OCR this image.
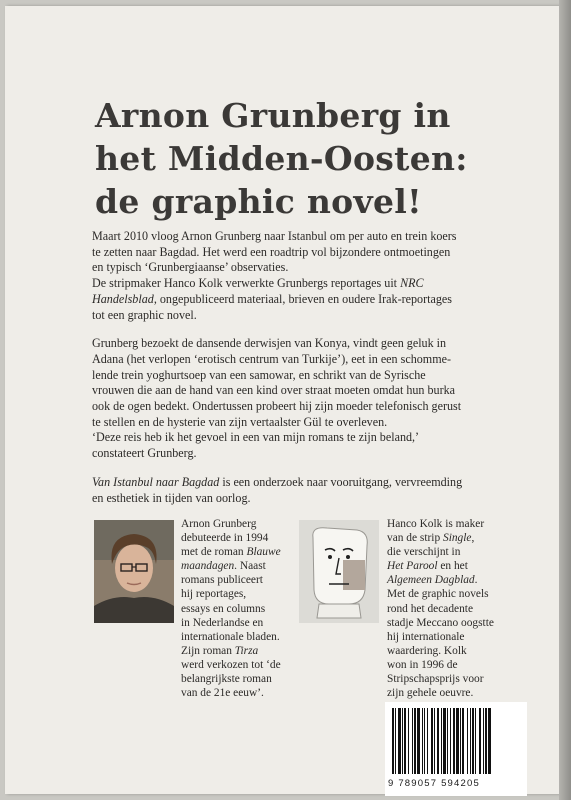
Arnon Grunberg in
het Midden-Oosten:
de graphic novel!

Maart 2010 vloog Arnon Grunberg naar Istanbul om per auto en trein koers
te zetten naar Bagdad. Het werd een roadtrip vol bijzondere ontmoetingen
en typisch ‘Grunbergiaanse’ observaties.
De stripmaker Hanco Kolk verwerkte Grunbergs reportages uit NRC
Handelsblad, ongepubliceerd materiaal, brieven en oudere Irak-reportages
tot een graphic novel.

Grunberg bezoekt de dansende derwisjen van Konya, vindt geen geluk in
Adana (het verlopen ‘erotisch centrum van Turkije’), eet in een schomme-
lende trein yoghurtsoep van een samowar, en schrikt van de Syrische
vrouwen die aan de hand van een kind over straat moeten omdat hun burka
ook de ogen bedekt. Ondertussen probeert hij zijn moeder telefonisch gerust
te stellen en de hysterie van zijn vertaalster Gül te overleven.
‘Deze reis heb ik het gevoel in een van mijn romans te zijn beland,’
constateert Grunberg.

Van Istanbul naar Bagdad is een onderzoek naar vooruitgang, vervreemding
en esthetiek in tijden van oorlog.

Arnon Grunberg
debuteerde in 1994
met de roman Blauwe
maandagen. Naast
romans publiceert
hij reportages,
essays en columns
in Nederlandse en
internationale bladen.
Zijn roman Tirza
werd verkozen tot ‘de
belangrijkste roman
van de 21e eeuw’.
Hanco Kolk is maker
van de strip Single,
die verschijnt in
Het Parool en het
Algemeen Dagblad.
Met de graphic novels
rond het decadente
stadje Meccano oogstte
hij internationale
waardering. Kolk
won in 1996 de
Stripschapsprijs voor
zijn gehele oeuvre.
9 789057 594205
